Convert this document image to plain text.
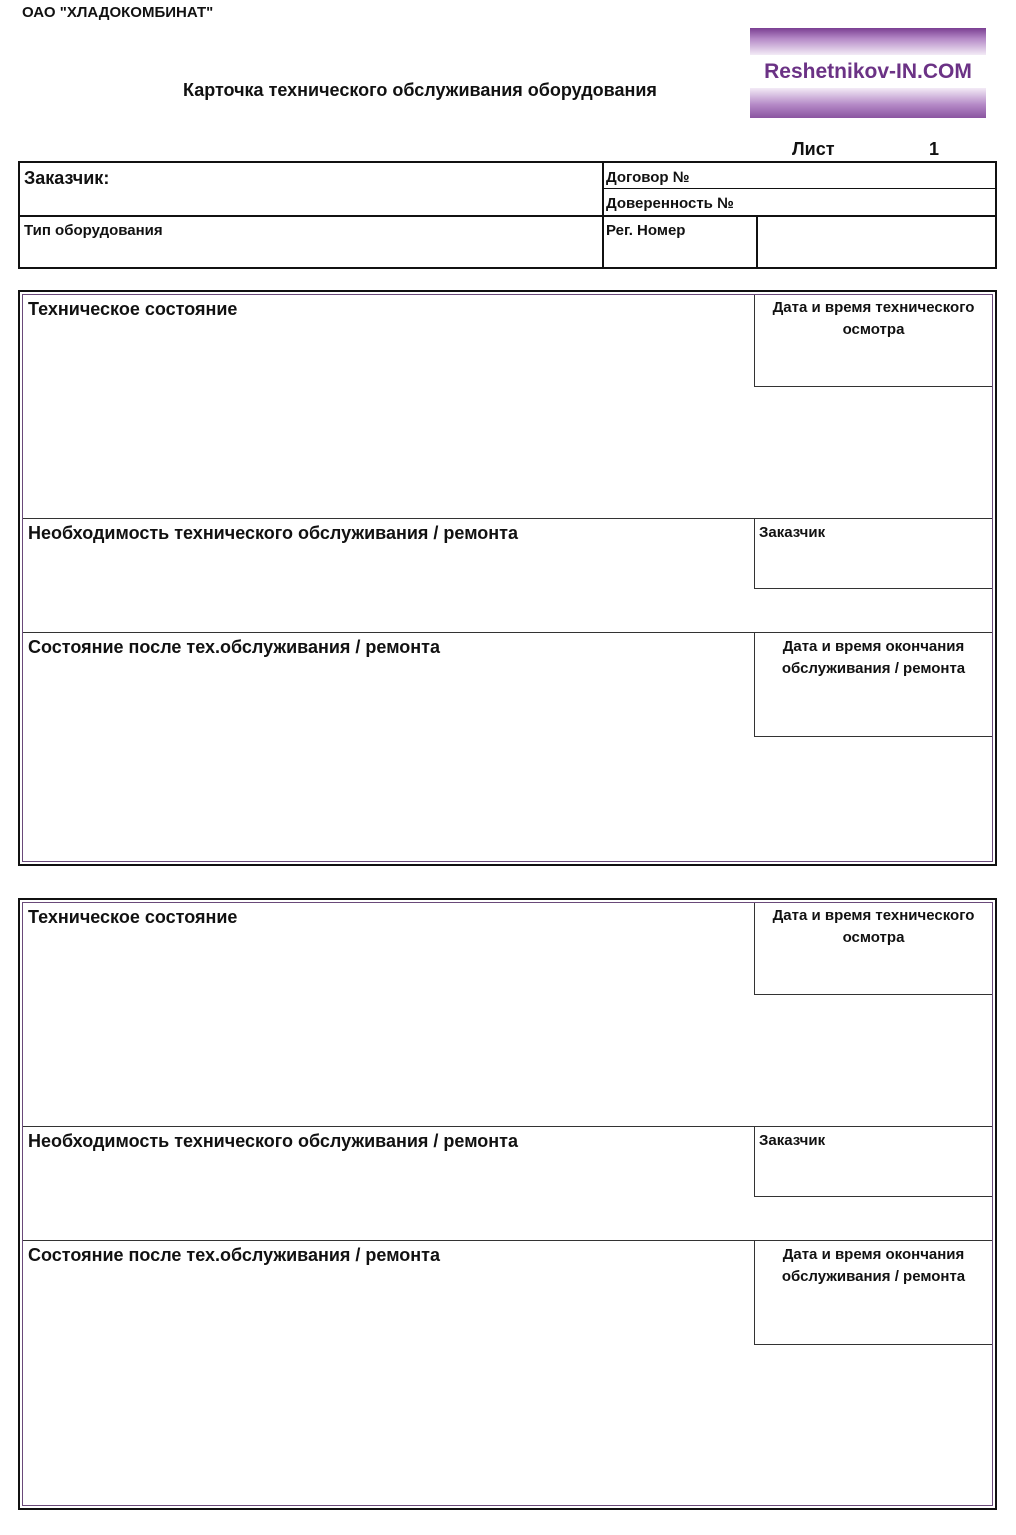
ОАО "ХЛАДОКОМБИНАТ"
Карточка технического обслуживания оборудования
Reshetnikov-IN.COM
Лист	1
Заказчик:	Договор №
Доверенность №
Тип оборудования	Рег. Номер
Техническое состояние	Дата и время технического осмотра
Необходимость технического обслуживания / ремонта	Заказчик
Состояние после тех.обслуживания / ремонта	Дата и время окончания обслуживания / ремонта
Техническое состояние	Дата и время технического осмотра
Необходимость технического обслуживания / ремонта	Заказчик
Состояние после тех.обслуживания / ремонта	Дата и время окончания обслуживания / ремонта
